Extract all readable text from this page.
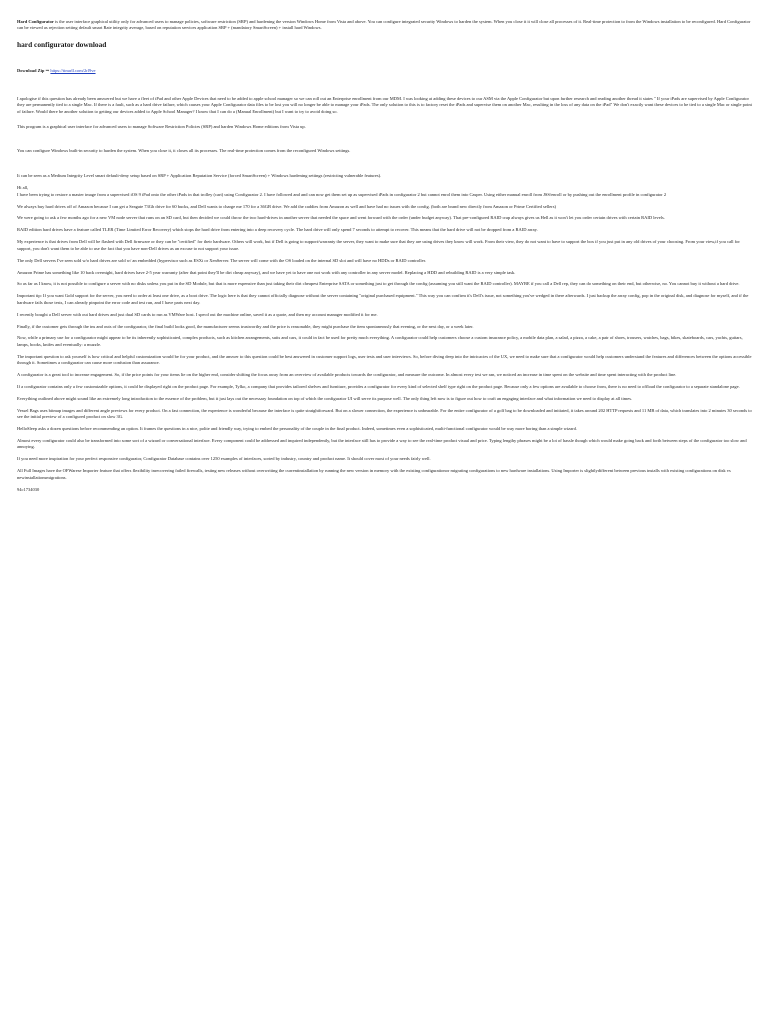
Hard Configurator is the user interface graphical utility only for advanced users to manage policies, software restriction (SRP) and hardening the version Windows Home from Vista and above. You can configure integrated security Windows to harden the system. When you close it it will close all processes of it. Real-time protection to from the Windows installation to be reconfigured. Hard Configurator can be viewed as rejection setting default smart Rate integrity average, based on reputation services application SRP + (mandatory SmartScreen) + install hard Windows.

hard configurator download
Download Zip ⇒ https://tinurll.com/2rl9ve

I apologise if this question has already been answered but we have a fleet of iPad and other Apple Devices that need to be added to apple school manager so we can roll out an Enterprise enrollment from our MDM. I was looking at adding these devices to our ASM via the Apple Configurator but upon further research and reading another thread it states " If your iPads are supervised by Apple Configurator they are permanently tied to a single Mac. If there is a fault, such as a hard drive failure, which causes your Apple Configurator data files to be lost you will no longer be able to manage your iPads. The only solution to this is to factory reset the iPads and supervise them on another Mac, resulting in the loss of any data on the iPad" We don't exactly want these devices to be tied to a single Mac or single point of failure. Would there be another solution to getting our devices added to Apple School Manager? I know that I can do a (Manual Enrollment) but I want to try to avoid doing so.

This program is a graphical user interface for advanced users to manage Software Restriction Policies (SRP) and harden Windows Home editions from Vista up.

You can configure Windows built-in security to harden the system. When you close it, it closes all its processes. The real-time protection comes from the reconfigured Windows settings.

It can be seen as a Medium Integrity Level smart default-deny setup based on SRP + Application Reputation Service (forced SmartScreen) + Windows hardening settings (restricting vulnerable features).

Hi all,

I have been trying to restore a master image from a supervised iOS 9 iPad onto the other iPads in that trolley (cart) using Configurator 2. I have followed and and can now get them set up as supervised iPads in configurator 2 but cannot enrol them into Casper. Using either manual enroll from JSS/enroll or by pushing out the enrollment profile in configurator 2

We always buy hard drives off of Amazon because I can get a Seagate 73Gb drive for 60 bucks, and Dell wants to charge me 170 for a 36GB drive. We add the caddies from Amazon as well and have had no issues with the config. (both are brand new directly from Amazon or Prime Certified sellers)

We were going to ask a few months ago for a new VM node server that runs on an SD card, but then decided we could throw the two hard-drives in another server that needed the space and went forward with the order (under budget anyway). That pre-configured RAID crap always gives us Hell as it won't let you order certain drives with certain RAID levels.

RAID edition hard drives have a feature called TLER (Time Limited Error Recovery) which stops the hard drive from entering into a deep recovery cycle. The hard drive will only spend 7 seconds to attempt to recover. This means that the hard drive will not be dropped from a RAID array.

My experience is that drives from Dell will be flashed with Dell firmware or they can be "certified" for their hardware. Others will work, but if Dell is going to support/warranty the server, they want to make sure that they are using drives they know will work. From their view, they do not want to have to support the box if you just put in any old drives of your choosing. From your view,if you call for support, you don't want them to be able to use the fact that you have non-Dell drives as an excuse to not support your issue.

The only Dell servers I've seen sold w/o hard drives are sold w/ an embedded (hypervisor such as ESXi or XenServer. The server will come with the OS loaded on the internal SD slot and will have no HDDs or RAID controller.

Amazon Prime has something like 10 back overnight, hard drives have 2-5 year warranty (after that point they'll be dirt cheap anyway), and we have yet to have one not work with any controller in any server model. Replacing a HDD and rebuilding RAID is a very simple task.

So as far as I know, it is not possible to configure a server with no disks unless you put in the SD Module, but that is more expensive than just taking their dirt cheapest Enterprise SATA or something just to get through the config (assuming you still want the RAID controller). MAYBE if you call a Dell rep, they can do something on their end, but otherwise, no. You cannot buy it without a hard drive.

Important tip: If you want Gold support for the server, you need to order at least one drive, as a boot drive. The logic here is that they cannot officially diagnose without the server containing "original purchased equipment." This way you can confirm it's Dell's issue, not something you've wedged in there afterwards. I just backup the array config, pop in the original disk, and diagnose for myself, and if the hardware fails those tests, I can already pinpoint the error code and test run, and I have parts next day.

I recently bought a Dell server with out hard drives and just dual SD cards to run as VMWare host. I specd out the machine online, saved it as a quote, and then my account manager modified it for me.

Finally, if the customer gets through the ins and outs of the configurator, the final build looks good, the manufacturer seems trustworthy and the price is reasonable, they might purchase the item spontaneously that evening, or the next day, or a week later.

Now, while a primary use for a configurator might appear to be its inherently sophisticated, complex products, such as kitchen arrangements, suits and cars, it could in fact be used for pretty much everything. A configurator could help customers choose a custom insurance policy, a mobile data plan, a salad, a pizza, a cake, a pair of shoes, trousers, watches, bags, bikes, skateboards, cars, yachts, guitars, lamps, books, knifes and eventually: a muzzle.

The important question to ask yourself is how critical and helpful customization would be for your product, and the answer to this question could be best answered in customer support logs, user tests and user interviews. So, before diving deep into the intricacies of the UX, we need to make sure that a configurator would help customers understand the features and differences between the options accessible through it. Sometimes a configurator can cause more confusion than assurance.

A configurator is a great tool to increase engagement. So, if the price points for your items lie on the higher end, consider shifting the focus away from an overview of available products towards the configurator, and measure the outcome. In almost every test we ran, we noticed an increase in time spent on the website and time spent interacting with the product line.

If a configurator contains only a few customizable options, it could be displayed right on the product page. For example, Tylko, a company that provides tailored shelves and furniture, provides a configurator for every kind of selected shelf type right on the product page. Because only a few options are available to choose from, there is no need to offload the configurator to a separate standalone page.

Everything outlined above might sound like an extremely long introduction to the essence of the problem, but it just lays out the necessary foundation on top of which the configurator UI will serve its purpose well. The only thing left now is to figure out how to craft an engaging interface and what information we need to display at all times.

Vessel Bags uses bitmap images and different angle previews for every product. On a fast connection, the experience is wonderful because the interface is quite straightforward. But on a slower connection, the experience is unbearable. For the entire configurator of a golf bag to be downloaded and initiated, it takes around 202 HTTP requests and 11 MB of data, which translates into 2 minutes 30 seconds to see the initial preview of a configured product on slow 3G.

HelloSleep asks a dozen questions before recommending an option. It frames the questions in a nice, polite and friendly way, trying to embed the personality of the couple in the final product. Indeed, sometimes even a sophisticated, multi-functional configurator would be way more boring than a simple wizard.

Almost every configurator could also be transformed into some sort of a wizard or conversational interface. Every component could be addressed and inquired independently, but the interface still has to provide a way to see the real-time product visual and price. Typing lengthy phrases might be a lot of hassle though which would make going back and forth between steps of the configurator too slow and annoying.

If you need more inspiration for your perfect responsive configurator, Configurator Database contains over 1250 examples of interfaces, sorted by industry, country and product name. It should cover most of your needs fairly well.

All Full Images have the OFWarese Importer feature that offers flexibility inrecovering failed firewalls, testing new releases without overwriting the currentinstallation by running the new version in memory with the existing configurationor migrating configurations to new hardware installations. Using Importer is slightlydifferent between previous installs with existing configurations on disk vs newinstallationsmigrations.

94c1734030
